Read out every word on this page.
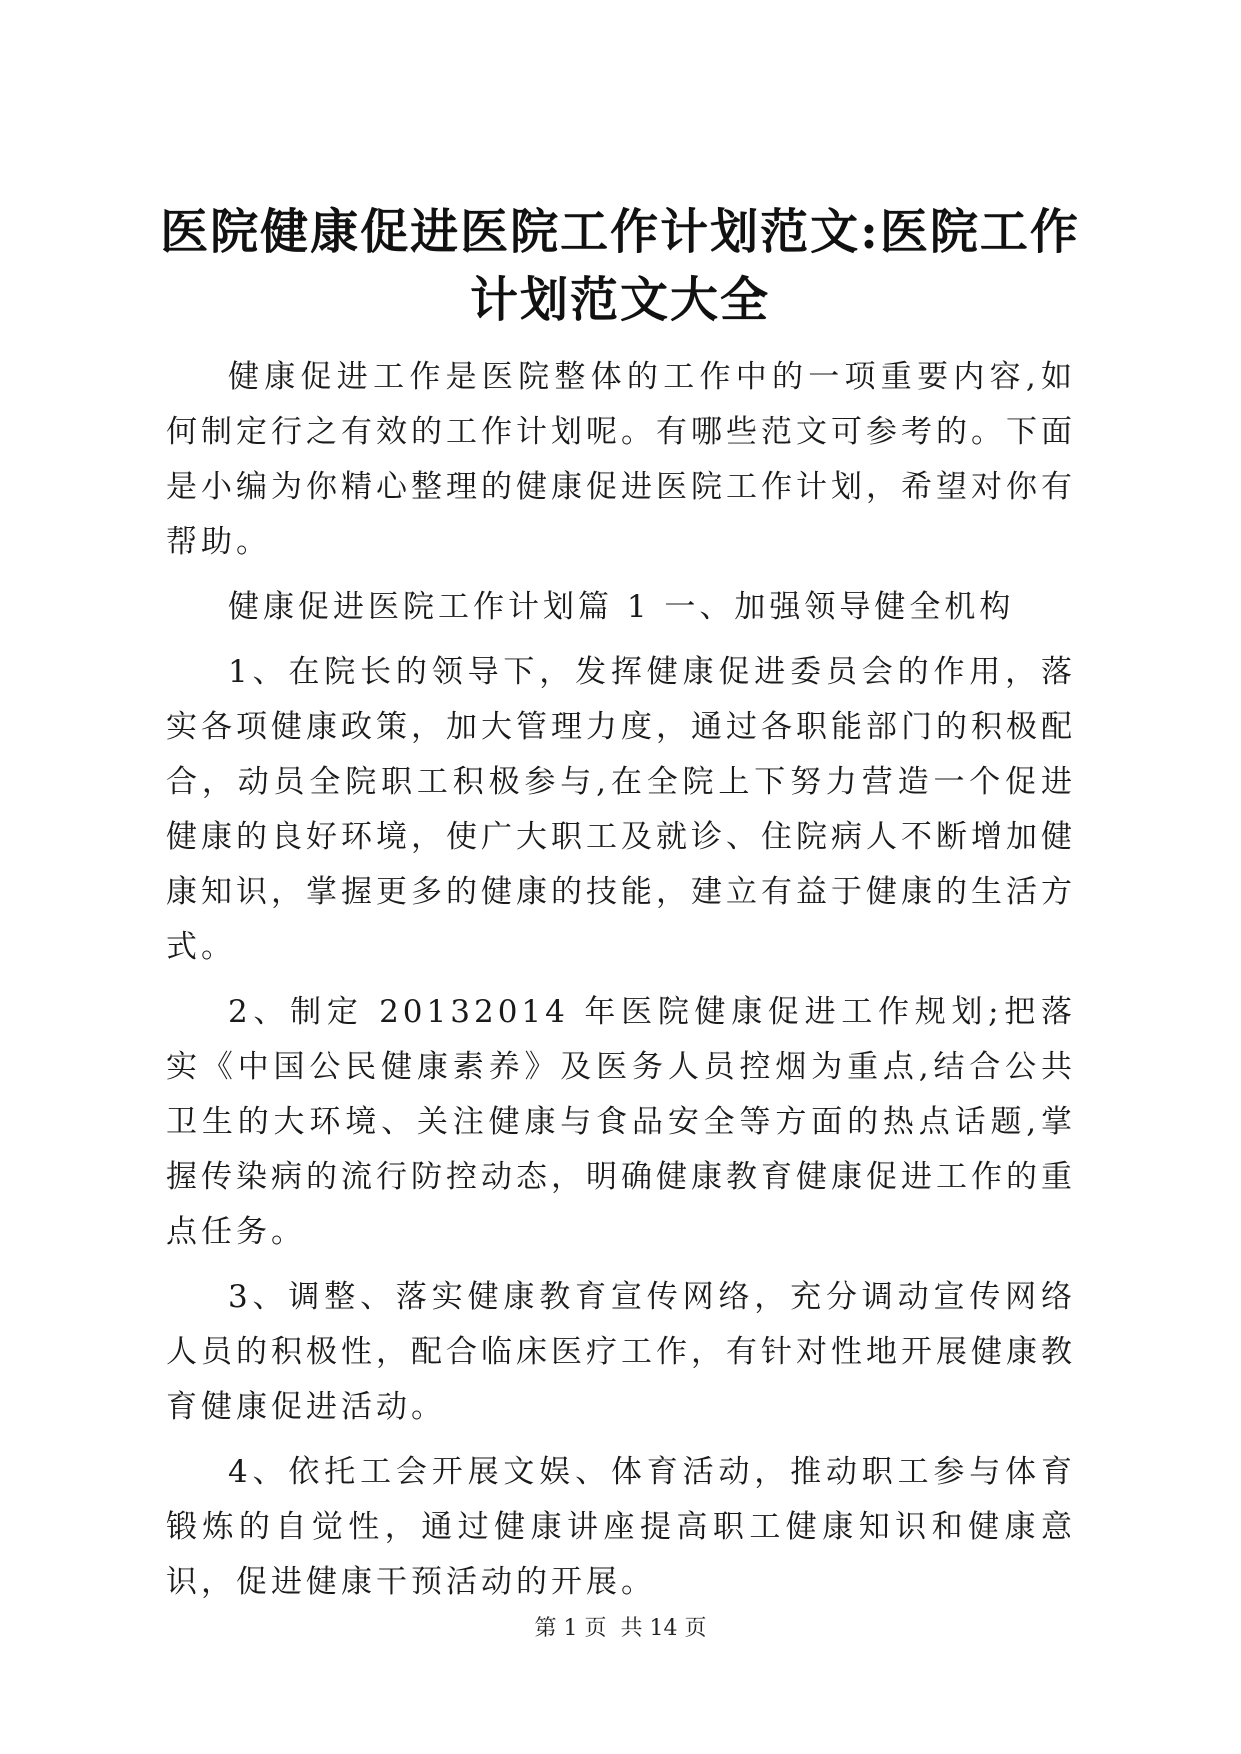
医院健康促进医院工作计划范文:医院工作计划范文大全

健康促进工作是医院整体的工作中的一项重要内容,如何制定行之有效的工作计划呢。有哪些范文可参考的。下面是小编为你精心整理的健康促进医院工作计划，希望对你有帮助。

健康促进医院工作计划篇 1 一、加强领导健全机构

1、在院长的领导下，发挥健康促进委员会的作用，落实各项健康政策，加大管理力度，通过各职能部门的积极配合，动员全院职工积极参与,在全院上下努力营造一个促进健康的良好环境，使广大职工及就诊、住院病人不断增加健康知识，掌握更多的健康的技能，建立有益于健康的生活方式。

2、制定 20132014 年医院健康促进工作规划;把落实《中国公民健康素养》及医务人员控烟为重点,结合公共卫生的大环境、关注健康与食品安全等方面的热点话题,掌握传染病的流行防控动态，明确健康教育健康促进工作的重点任务。

3、调整、落实健康教育宣传网络，充分调动宣传网络人员的积极性，配合临床医疗工作，有针对性地开展健康教育健康促进活动。

4、依托工会开展文娱、体育活动，推动职工参与体育锻炼的自觉性，通过健康讲座提高职工健康知识和健康意识，促进健康干预活动的开展。

第 1 页 共 14 页
